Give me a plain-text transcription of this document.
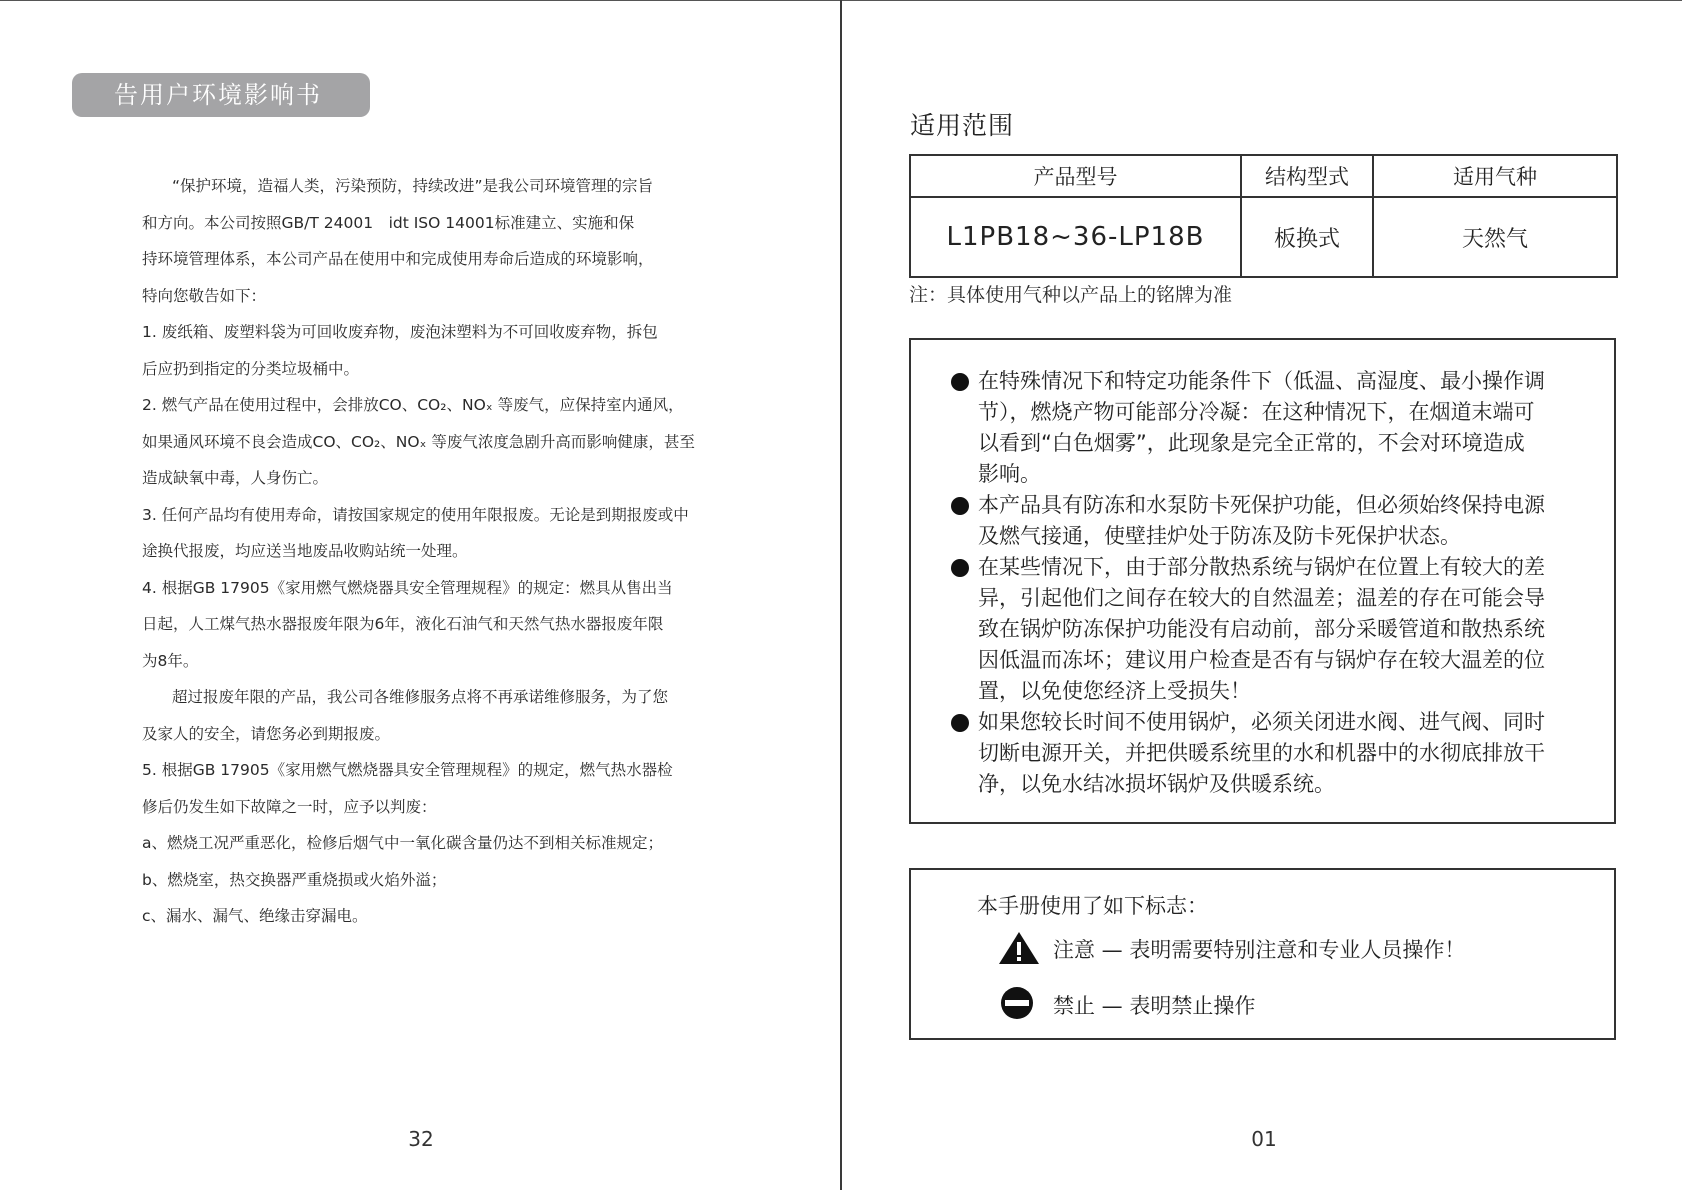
告用户环境影响书

“保护环境，造福人类，污染预防，持续改进”是我公司环境管理的宗旨

和方向。本公司按照GB/T 24001　idt ISO 14001标准建立、实施和保

持环境管理体系，本公司产品在使用中和完成使用寿命后造成的环境影响，

特向您敬告如下：

1. 废纸箱、废塑料袋为可回收废弃物，废泡沫塑料为不可回收废弃物，拆包

后应扔到指定的分类垃圾桶中。

2. 燃气产品在使用过程中，会排放CO、CO₂、NOₓ 等废气，应保持室内通风，

如果通风环境不良会造成CO、CO₂、NOₓ 等废气浓度急剧升高而影响健康，甚至

造成缺氧中毒，人身伤亡。

3. 任何产品均有使用寿命，请按国家规定的使用年限报废。无论是到期报废或中

途换代报废，均应送当地废品收购站统一处理。

4. 根据GB 17905《家用燃气燃烧器具安全管理规程》的规定：燃具从售出当

日起，人工煤气热水器报废年限为6年，液化石油气和天然气热水器报废年限

为8年。

超过报废年限的产品，我公司各维修服务点将不再承诺维修服务，为了您

及家人的安全，请您务必到期报废。

5. 根据GB 17905《家用燃气燃烧器具安全管理规程》的规定，燃气热水器检

修后仍发生如下故障之一时，应予以判废：

a、燃烧工况严重恶化，检修后烟气中一氧化碳含量仍达不到相关标准规定；

b、燃烧室，热交换器严重烧损或火焰外溢；

c、漏水、漏气、绝缘击穿漏电。

32
适用范围
产品型号	结构型式	适用气种
L1PB18~36-LP18B	板换式	天然气
注：具体使用气种以产品上的铭牌为准
在特殊情况下和特定功能条件下（低温、高湿度、最小操作调
节），燃烧产物可能部分冷凝：在这种情况下，在烟道末端可
以看到“白色烟雾”，此现象是完全正常的，不会对环境造成
影响。
本产品具有防冻和水泵防卡死保护功能，但必须始终保持电源
及燃气接通，使壁挂炉处于防冻及防卡死保护状态。
在某些情况下，由于部分散热系统与锅炉在位置上有较大的差
异，引起他们之间存在较大的自然温差；温差的存在可能会导
致在锅炉防冻保护功能没有启动前，部分采暖管道和散热系统
因低温而冻坏；建议用户检查是否有与锅炉存在较大温差的位
置，以免使您经济上受损失！
如果您较长时间不使用锅炉，必须关闭进水阀、进气阀、同时
切断电源开关，并把供暖系统里的水和机器中的水彻底排放干
净，以免水结冰损坏锅炉及供暖系统。
本手册使用了如下标志：
注意 — 表明需要特别注意和专业人员操作！
禁止 — 表明禁止操作
01
